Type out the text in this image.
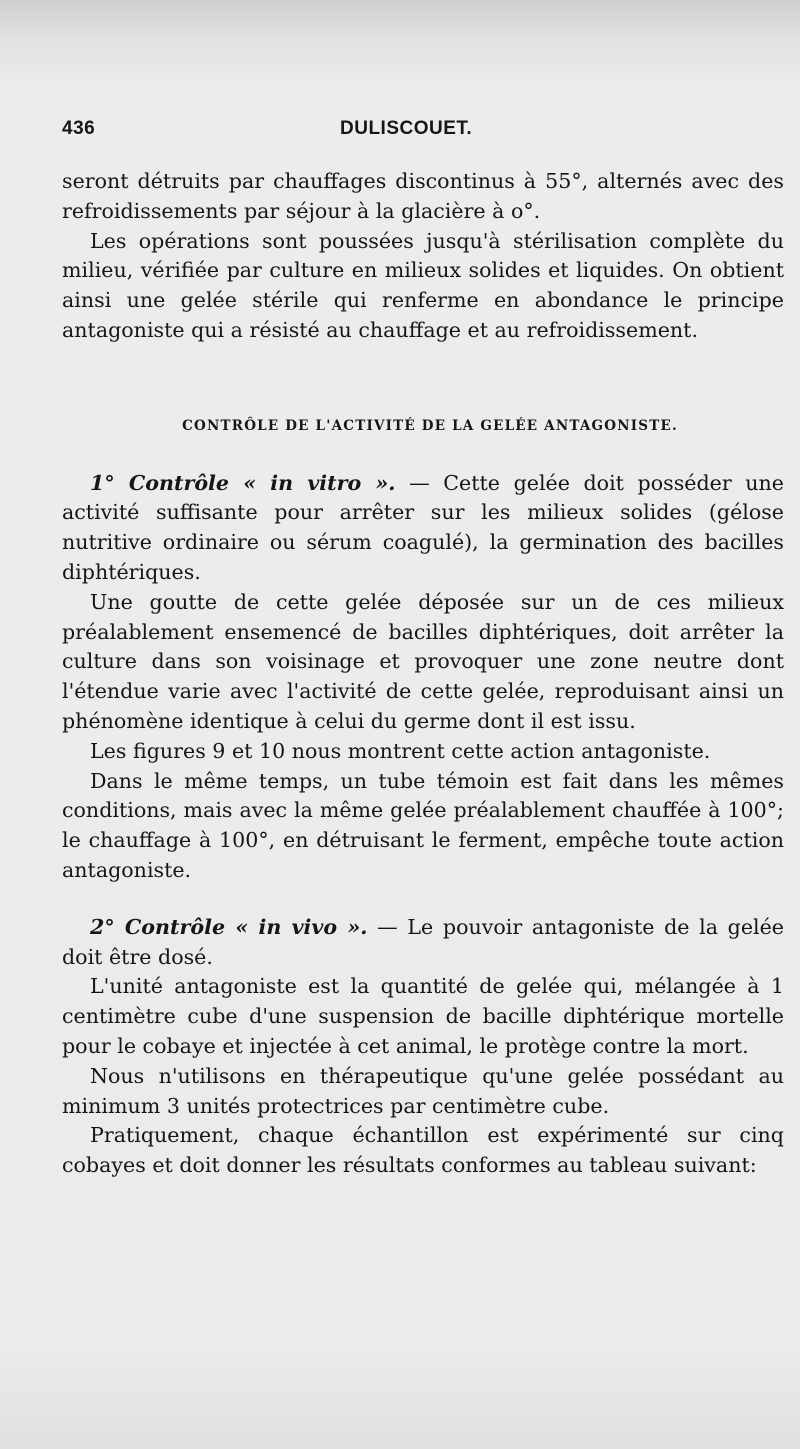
436	DULISCOUET.

seront détruits par chauffages discontinus à 55°, alternés avec des refroidissements par séjour à la glacière à o°.

Les opérations sont poussées jusqu'à stérilisation complète du milieu, vérifiée par culture en milieux solides et liquides. On obtient ainsi une gelée stérile qui renferme en abondance le principe antagoniste qui a résisté au chauffage et au refroidissement.

CONTRÔLE DE L'ACTIVITÉ DE LA GELÉE ANTAGONISTE.

1° Contrôle « in vitro ». — Cette gelée doit posséder une activité suffisante pour arrêter sur les milieux solides (gélose nutritive ordinaire ou sérum coagulé), la germination des bacilles diphtériques.

Une goutte de cette gelée déposée sur un de ces milieux préalablement ensemencé de bacilles diphtériques, doit arrêter la culture dans son voisinage et provoquer une zone neutre dont l'étendue varie avec l'activité de cette gelée, reproduisant ainsi un phénomène identique à celui du germe dont il est issu.

Les figures 9 et 10 nous montrent cette action antagoniste.

Dans le même temps, un tube témoin est fait dans les mêmes conditions, mais avec la même gelée préalablement chauffée à 100°; le chauffage à 100°, en détruisant le ferment, empêche toute action antagoniste.

2° Contrôle « in vivo ». — Le pouvoir antagoniste de la gelée doit être dosé.

L'unité antagoniste est la quantité de gelée qui, mélangée à 1 centimètre cube d'une suspension de bacille diphtérique mortelle pour le cobaye et injectée à cet animal, le protège contre la mort.

Nous n'utilisons en thérapeutique qu'une gelée possédant au minimum 3 unités protectrices par centimètre cube.

Pratiquement, chaque échantillon est expérimenté sur cinq cobayes et doit donner les résultats conformes au tableau suivant:
